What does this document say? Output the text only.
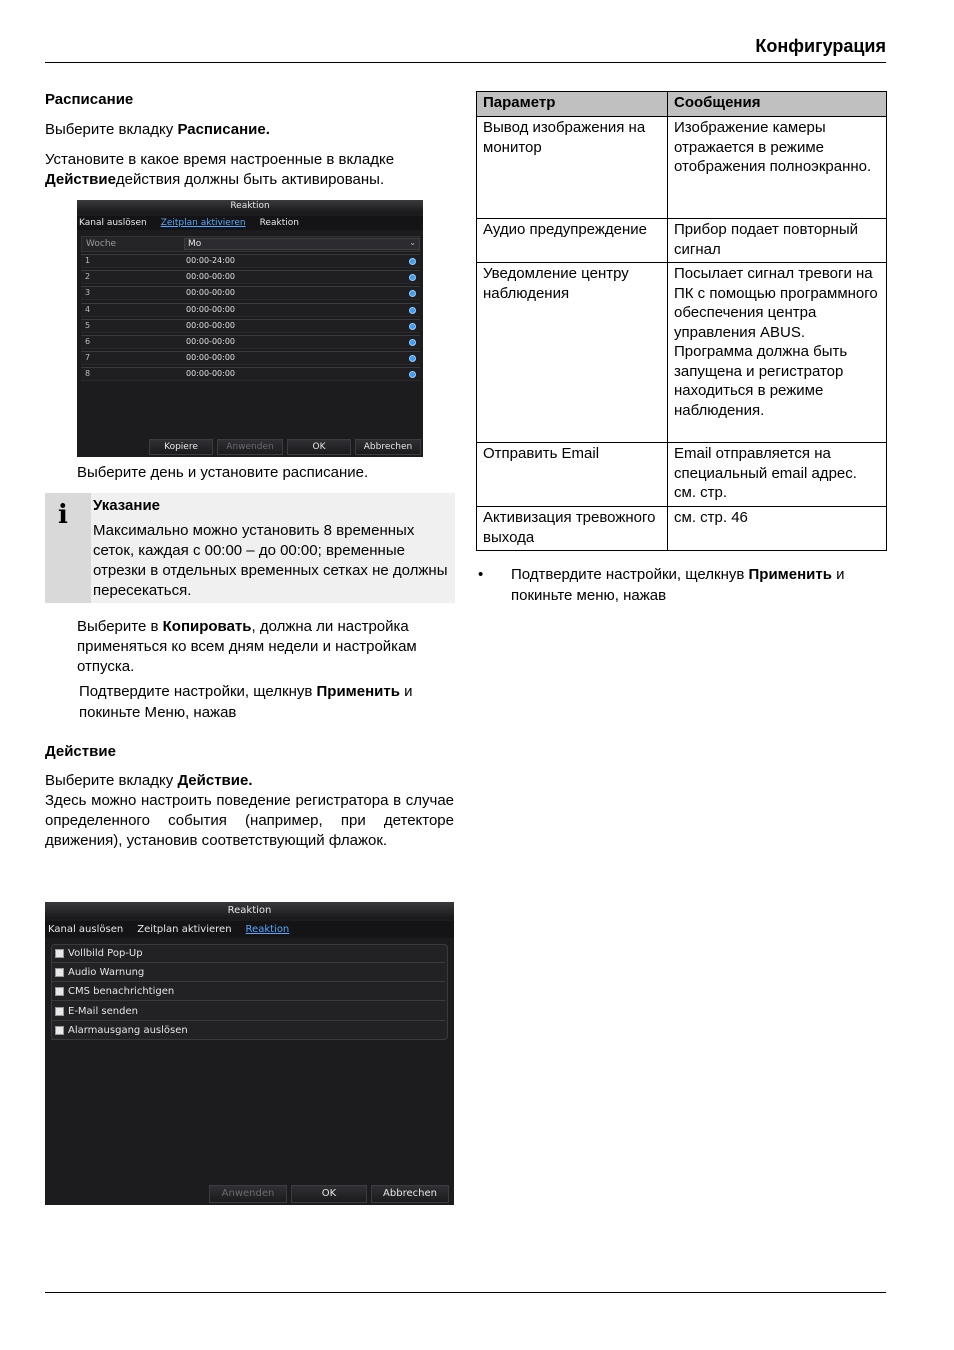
Конфигурация
Расписание
Выберите вкладку Расписание.
Установите в какое время настроенные в вкладке
Действиедействия должны быть активированы.
Reaktion
Kanal auslösen	Zeitplan aktivieren	Reaktion
Woche	Mo	⌄
1	00:00-24:00
2	00:00-00:00
3	00:00-00:00
4	00:00-00:00
5	00:00-00:00
6	00:00-00:00
7	00:00-00:00
8	00:00-00:00
Kopiere	Anwenden	OK	Abbrechen
Выберите день и установите расписание.
i Указание
Максимально можно установить 8 временных сеток, каждая с 00:00 – до 00:00; временные отрезки в отдельных временных сетках не должны пересекаться.
Выберите в Копировать, должна ли настройка применяться ко всем дням недели и настройкам отпуска.
Подтвердите настройки, щелкнув Применить и
покиньте Меню, нажав
Действие
Выберите вкладку Действие.
Здесь можно настроить поведение регистратора в случае определенного события (например, при детекторе движения), установив соответствующий флажок.
Reaktion
Kanal auslösen	Zeitplan aktivieren	Reaktion
Vollbild Pop-Up
Audio Warnung
CMS benachrichtigen
E-Mail senden
Alarmausgang auslösen
Anwenden	OK	Abbrechen
Параметр	Сообщения
Вывод изображения на монитор	Изображение камеры отражается в режиме отображения полноэкранно.
Аудио предупреждение	Прибор подает повторный сигнал
Уведомление центру наблюдения	Посылает сигнал тревоги на ПК с помощью программного обеспечения центра управления ABUS. Программа должна быть запущена и регистратор находиться в режиме наблюдения.
Отправить Email	Email отправляется на специальный email адрес. см. стр.
Активизация тревожного выхода	см. стр. 46
• Подтвердите настройки, щелкнув Применить и
покиньте меню, нажав
